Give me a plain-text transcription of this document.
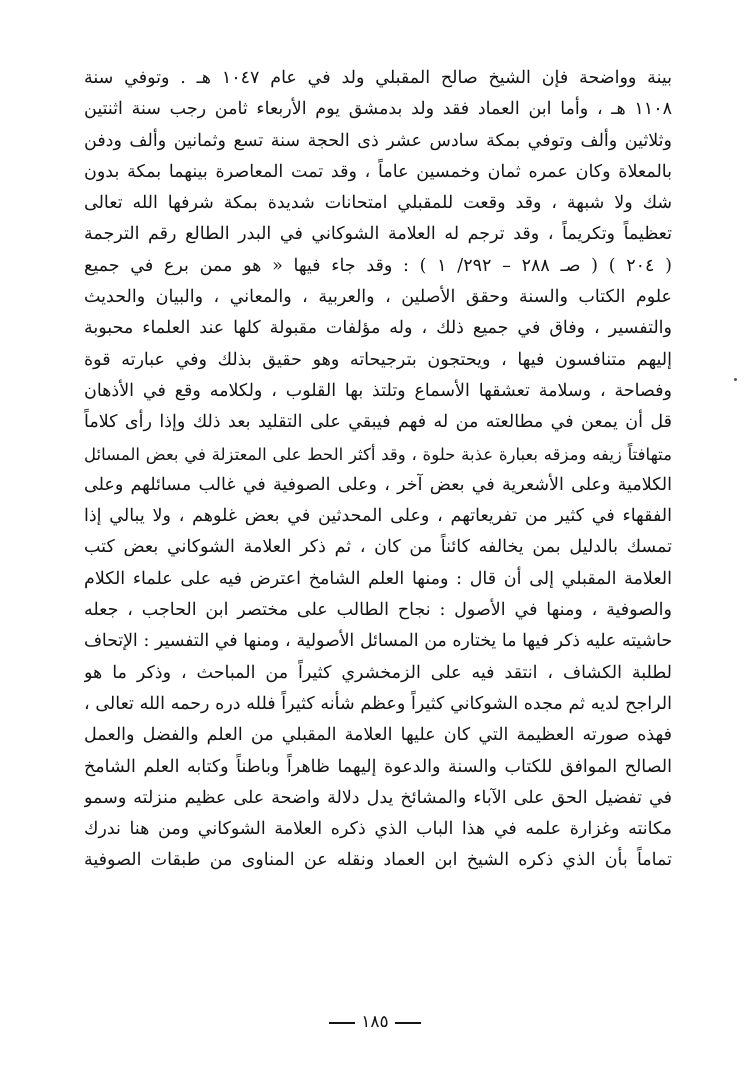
بينة وواضحة فإن الشيخ صالح المقبلي ولد في عام ١٠٤٧ هـ . وتوفي سنة
١١٠٨ هـ ، وأما ابن العماد فقد ولد بدمشق يوم الأربعاء ثامن رجب سنة اثنتين
وثلاثين وألف وتوفي بمكة سادس عشر ذى الحجة سنة تسع وثمانين وألف ودفن
بالمعلاة وكان عمره ثمان وخمسين عاماً ، وقد تمت المعاصرة بينهما بمكة بدون
شك ولا شبهة ، وقد وقعت للمقبلي امتحانات شديدة بمكة شرفها الله تعالى
تعظيماً وتكريماً ، وقد ترجم له العلامة الشوكاني في البدر الطالع رقم الترجمة
( ٢٠٤ ) ( صـ ٢٨٨ – ٢٩٢/ ١ ) : وقد جاء فيها « هو ممن برع في جميع
علوم الكتاب والسنة وحقق الأصلين ، والعربية ، والمعاني ، والبيان والحديث
والتفسير ، وفاق في جميع ذلك ، وله مؤلفات مقبولة كلها عند العلماء محبوبة
إليهم متنافسون فيها ، ويحتجون بترجيحاته وهو حقيق بذلك وفي عبارته قوة
وفصاحة ، وسلامة تعشقها الأسماع وتلتذ بها القلوب ، ولكلامه وقع في الأذهان
قل أن يمعن في مطالعته من له فهم فيبقي على التقليد بعد ذلك وإذا رأى كلاماً
متهافتاً زيفه ومزقه بعبارة عذبة حلوة ، وقد أكثر الحط على المعتزلة في بعض المسائل
الكلامية وعلى الأشعرية في بعض آخر ، وعلى الصوفية في غالب مسائلهم وعلى
الفقهاء في كثير من تفريعاتهم ، وعلى المحدثين في بعض غلوهم ، ولا يبالي إذا
تمسك بالدليل بمن يخالفه كائناً من كان ، ثم ذكر العلامة الشوكاني بعض كتب
العلامة المقبلي إلى أن قال : ومنها العلم الشامخ اعترض فيه على علماء الكلام
والصوفية ، ومنها في الأصول : نجاح الطالب على مختصر ابن الحاجب ، جعله
حاشيته عليه ذكر فيها ما يختاره من المسائل الأصولية ، ومنها في التفسير : الإتحاف
لطلبة الكشاف ، انتقد فيه على الزمخشري كثيراً من المباحث ، وذكر ما هو
الراجح لديه ثم مجده الشوكاني كثيراً وعظم شأنه كثيراً فلله دره رحمه الله تعالى ،
فهذه صورته العظيمة التي كان عليها العلامة المقبلي من العلم والفضل والعمل
الصالح الموافق للكتاب والسنة والدعوة إليهما ظاهراً وباطناً وكتابه العلم الشامخ
في تفضيل الحق على الآباء والمشائخ يدل دلالة واضحة على عظيم منزلته وسمو
مكانته وغزارة علمه في هذا الباب الذي ذكره العلامة الشوكاني ومن هنا ندرك
تماماً بأن الذي ذكره الشيخ ابن العماد ونقله عن المناوى من طبقات الصوفية
١٨٥
